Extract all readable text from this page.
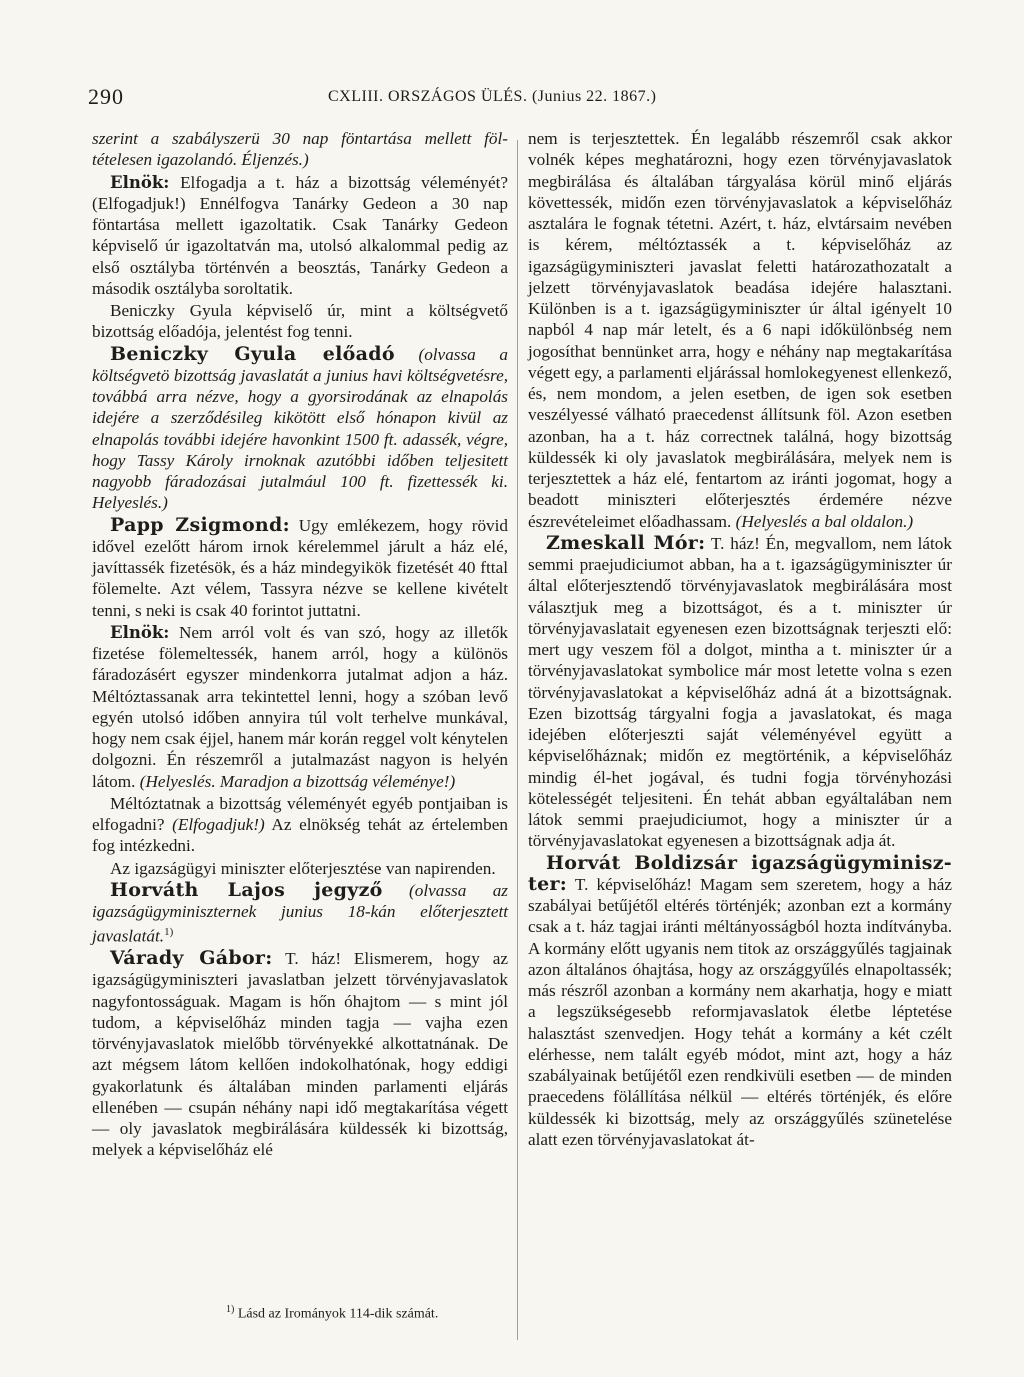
290	CXLIII. ORSZÁGOS ÜLÉS. (Junius 22. 1867.)

szerint a szabályszerü 30 nap föntartása mellett föl-tételesen igazolandó. Éljenzés.)

Elnök: Elfogadja a t. ház a bizottság véleményét? (Elfogadjuk!) Ennélfogva Tanárky Gedeon a 30 nap föntartása mellett igazoltatik. Csak Tanárky Gedeon képviselő úr igazoltatván ma, utolsó alkalommal pedig az első osztályba történvén a beosztás, Tanárky Gedeon a második osztályba soroltatik.

Beniczky Gyula képviselő úr, mint a költségvető bizottság előadója, jelentést fog tenni.

Beniczky Gyula előadó (olvassa a költségvetö bizottság javaslatát a junius havi költségvetésre, továbbá arra nézve, hogy a gyorsirodának az elnapolás idejére a szerződésileg kikötött első hónapon kivül az elnapolás további idejére havonkint 1500 ft. adassék, végre, hogy Tassy Károly irnoknak azutóbbi időben teljesitett nagyobb fáradozásai jutalmául 100 ft. fizettessék ki. Helyeslés.)

Papp Zsigmond: Ugy emlékezem, hogy rövid idővel ezelőtt három irnok kérelemmel járult a ház elé, javíttassék fizetésök, és a ház mindegyikök fizetését 40 fttal fölemelte. Azt vélem, Tassyra nézve se kellene kivételt tenni, s neki is csak 40 forintot juttatni.

Elnök: Nem arról volt és van szó, hogy az illetők fizetése fölemeltessék, hanem arról, hogy a különös fáradozásért egyszer mindenkorra jutalmat adjon a ház. Méltóztassanak arra tekintettel lenni, hogy a szóban levő egyén utolsó időben annyira túl volt terhelve munkával, hogy nem csak éjjel, hanem már korán reggel volt kénytelen dolgozni. Én részemről a jutalmazást nagyon is helyén látom. (Helyeslés. Maradjon a bizottság véleménye!)

Méltóztatnak a bizottság véleményét egyéb pontjaiban is elfogadni? (Elfogadjuk!) Az elnökség tehát az értelemben fog intézkedni.

Az igazságügyi miniszter előterjesztése van napirenden.

Horváth Lajos jegyző (olvassa az igazságügyminiszternek junius 18-kán előterjesztett javaslatát.$^{1)}$

Várady Gábor: T. ház! Elismerem, hogy az igazságügyminiszteri javaslatban jelzett törvényjavaslatok nagyfontosságuak. Magam is hőn óhajtom — s mint jól tudom, a képviselőház minden tagja — vajha ezen törvényjavaslatok mielőbb törvényekké alkottatnának. De azt mégsem látom kellően indokolhatónak, hogy eddigi gyakorlatunk és általában minden parlamenti eljárás ellenében — csupán néhány napi idő megtakarítása végett — oly javaslatok megbirálására küldessék ki bizottság, melyek a képviselőház elé

nem is terjesztettek. Én legalább részemről csak akkor volnék képes meghatározni, hogy ezen törvényjavaslatok megbirálása és általában tárgyalása körül minő eljárás követtessék, midőn ezen törvényjavaslatok a képviselőház asztalára le fognak tétetni. Azért, t. ház, elvtársaim nevében is kérem, méltóztassék a t. képviselőház az igazságügyminiszteri javaslat feletti határozathozatalt a jelzett törvényjavaslatok beadása idejére halasztani. Különben is a t. igazságügyminiszter úr által igényelt 10 napból 4 nap már letelt, és a 6 napi időkülönbség nem jogosíthat bennünket arra, hogy e néhány nap megtakarítása végett egy, a parlamenti eljárással homlokegyenest ellenkező, és, nem mondom, a jelen esetben, de igen sok esetben veszélyessé válható praecedenst állítsunk föl. Azon esetben azonban, ha a t. ház correctnek találná, hogy bizottság küldessék ki oly javaslatok megbirálására, melyek nem is terjesztettek a ház elé, fentartom az iránti jogomat, hogy a beadott miniszteri előterjesztés érdemére nézve észrevételeimet előadhassam. (Helyeslés a bal oldalon.)

Zmeskall Mór: T. ház! Én, megvallom, nem látok semmi praejudiciumot abban, ha a t. igazságügyminiszter úr által előterjesztendő törvényjavaslatok megbirálására most választjuk meg a bizottságot, és a t. miniszter úr törvényjavaslatait egyenesen ezen bizottságnak terjeszti elő: mert ugy veszem föl a dolgot, mintha a t. miniszter úr a törvényjavaslatokat symbolice már most letette volna s ezen törvényjavaslatokat a képviselőház adná át a bizottságnak. Ezen bizottság tárgyalni fogja a javaslatokat, és maga idejében előterjeszti saját véleményével együtt a képviselőháznak; midőn ez megtörténik, a képviselőház mindig él-het jogával, és tudni fogja törvényhozási kötelességét teljesiteni. Én tehát abban egyáltalában nem látok semmi praejudiciumot, hogy a miniszter úr a törvényjavaslatokat egyenesen a bizottságnak adja át.

Horvát Boldizsár igazságügyminisz-ter: T. képviselőház! Magam sem szeretem, hogy a ház szabályai betűjétől eltérés történjék; azonban ezt a kormány csak a t. ház tagjai iránti méltányosságból hozta indítványba. A kormány előtt ugyanis nem titok az országgyűlés tagjainak azon általános óhajtása, hogy az országgyűlés elnapoltassék; más részről azonban a kormány nem akarhatja, hogy e miatt a legszükségesebb reformjavaslatok életbe léptetése halasztást szenvedjen. Hogy tehát a kormány a két czélt elérhesse, nem talált egyéb módot, mint azt, hogy a ház szabályainak betűjétől ezen rendkivüli esetben — de minden praecedens fölállítása nélkül — eltérés történjék, és előre küldessék ki bizottság, mely az országgyűlés szünetelése alatt ezen törvényjavaslatokat át-

$^{1)}$ Lásd az Irományok 114-dik számát.
